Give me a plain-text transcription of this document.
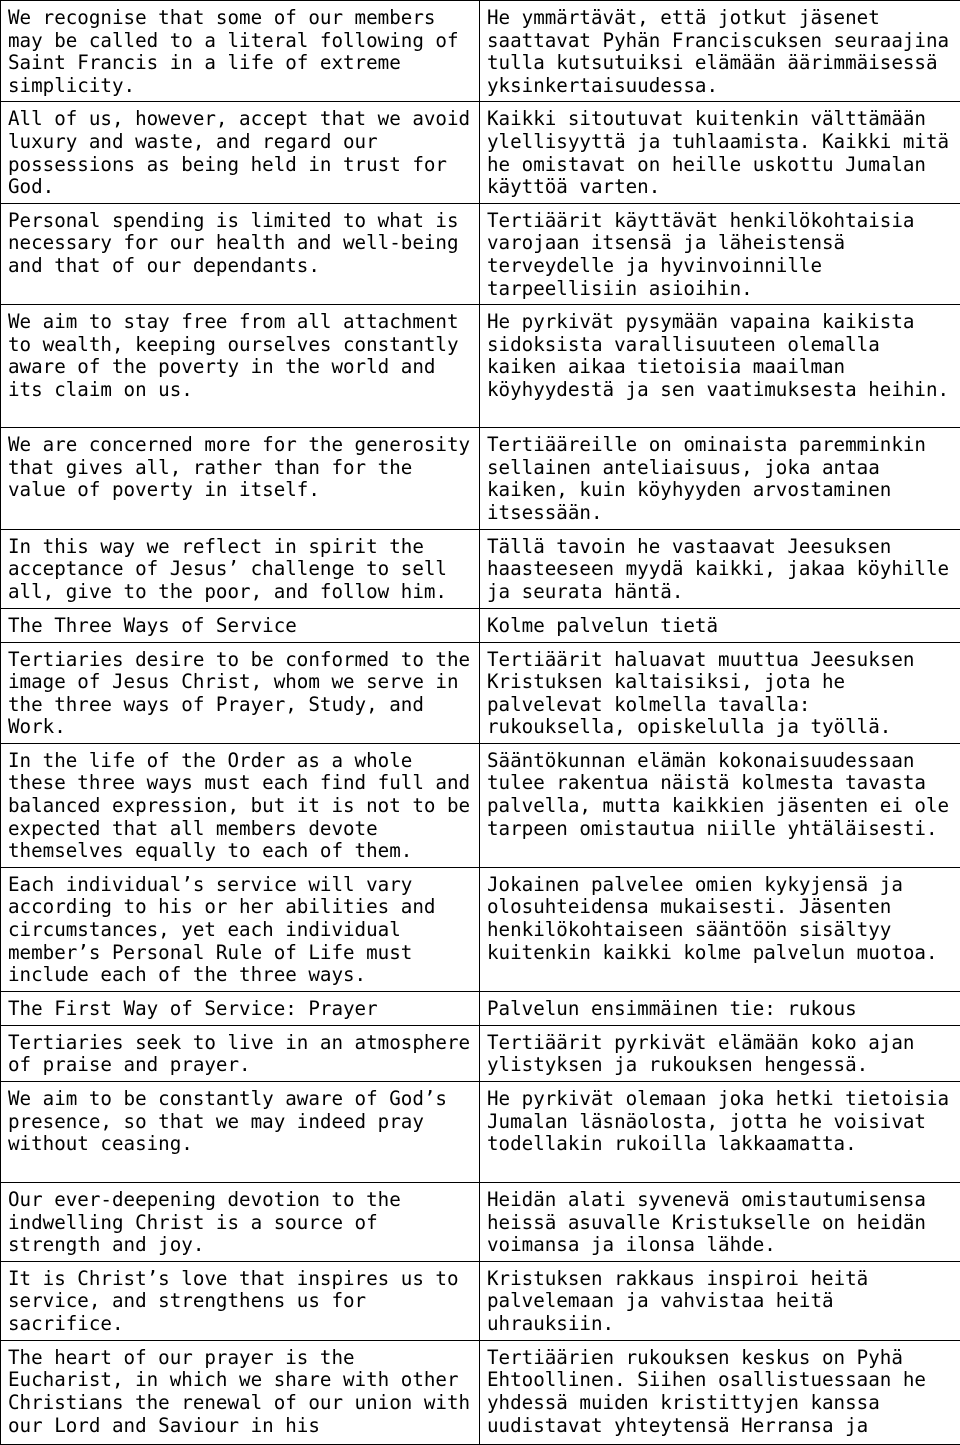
We recognise that some of our members may be called to a literal following of Saint Francis in a life of extreme simplicity.	He ymmärtävät, että jotkut jäsenet saattavat Pyhän Franciscuksen seuraajina tulla kutsutuiksi elämään äärimmäisessä yksinkertaisuudessa.
All of us, however, accept that we avoid luxury and waste, and regard our possessions as being held in trust for God.	Kaikki sitoutuvat kuitenkin välttämään ylellisyyttä ja tuhlaamista. Kaikki mitä he omistavat on heille uskottu Jumalan käyttöä varten.
Personal spending is limited to what is necessary for our health and well-being and that of our dependants.	Tertiäärit käyttävät henkilökohtaisia varojaan itsensä ja läheistensä terveydelle ja hyvinvoinnille tarpeellisiin asioihin.
We aim to stay free from all attachment to wealth, keeping ourselves constantly aware of the poverty in the world and its claim on us.	He pyrkivät pysymään vapaina kaikista sidoksista varallisuuteen olemalla kaiken aikaa tietoisia maailman köyhyydestä ja sen vaatimuksesta heihin.
We are concerned more for the generosity that gives all, rather than for the value of poverty in itself.	Tertiääreille on ominaista paremminkin sellainen anteliaisuus, joka antaa kaiken, kuin köyhyyden arvostaminen itsessään.
In this way we reflect in spirit the acceptance of Jesus’ challenge to sell all, give to the poor, and follow him.	Tällä tavoin he vastaavat Jeesuksen haasteeseen myydä kaikki, jakaa köyhille ja seurata häntä.
The Three Ways of Service	Kolme palvelun tietä
Tertiaries desire to be conformed to the image of Jesus Christ, whom we serve in the three ways of Prayer, Study, and Work.	Tertiäärit haluavat muuttua Jeesuksen Kristuksen kaltaisiksi, jota he palvelevat kolmella tavalla: rukouksella, opiskelulla ja työllä.
In the life of the Order as a whole these three ways must each find full and balanced expression, but it is not to be expected that all members devote themselves equally to each of them.	Sääntökunnan elämän kokonaisuudessaan tulee rakentua näistä kolmesta tavasta palvella, mutta kaikkien jäsenten ei ole tarpeen omistautua niille yhtäläisesti.
Each individual’s service will vary according to his or her abilities and circumstances, yet each individual member’s Personal Rule of Life must include each of the three ways.	Jokainen palvelee omien kykyjensä ja olosuhteidensa mukaisesti. Jäsenten henkilökohtaiseen sääntöön sisältyy kuitenkin kaikki kolme palvelun muotoa.
The First Way of Service: Prayer	Palvelun ensimmäinen tie: rukous
Tertiaries seek to live in an atmosphere of praise and prayer.	Tertiäärit pyrkivät elämään koko ajan ylistyksen ja rukouksen hengessä.
We aim to be constantly aware of God’s presence, so that we may indeed pray without ceasing.	He pyrkivät olemaan joka hetki tietoisia Jumalan läsnäolosta, jotta he voisivat todellakin rukoilla lakkaamatta.
Our ever-deepening devotion to the indwelling Christ is a source of strength and joy.	Heidän alati syvenevä omistautumisensa heissä asuvalle Kristukselle on heidän voimansa ja ilonsa lähde.
It is Christ’s love that inspires us to service, and strengthens us for sacrifice.	Kristuksen rakkaus inspiroi heitä palvelemaan ja vahvistaa heitä uhrauksiin.
The heart of our prayer is the Eucharist, in which we share with other Christians the renewal of our union with our Lord and Saviour in his	Tertiäärien rukouksen keskus on Pyhä Ehtoollinen. Siihen osallistuessaan he yhdessä muiden kristittyjen kanssa uudistavat yhteytensä Herransa ja
